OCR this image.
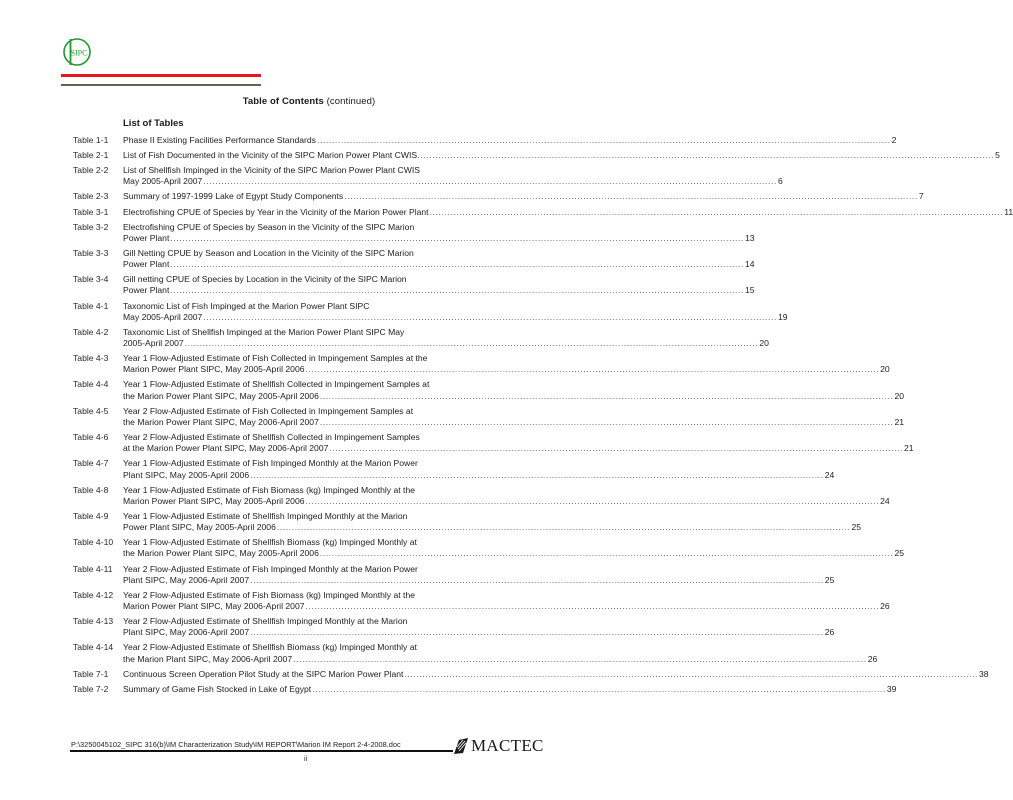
SIPC
Table of Contents (continued)
List of Tables
Table 1-1	Phase II Existing Facilities Performance Standards .....	2
Table 2-1	List of Fish Documented in the Vicinity of the SIPC Marion Power Plant CWIS. .....	5
Table 2-2	List of Shellfish Impinged in the Vicinity of the SIPC Marion Power Plant CWIS
May 2005-April 2007 .....	6
Table 2-3	Summary of 1997-1999 Lake of Egypt Study Components .....	7
Table 3-1	Electrofishing CPUE of Species by Year in the Vicinity of the Marion Power Plant .....	11
Table 3-2	Electrofishing CPUE of Species by Season in the Vicinity of the SIPC Marion
Power Plant .....	13
Table 3-3	Gill Netting CPUE by Season and Location in the Vicinity of the SIPC Marion
Power Plant .....	14
Table 3-4	Gill netting CPUE of Species by Location in the Vicinity of the SIPC Marion
Power Plant .....	15
Table 4-1	Taxonomic List of Fish Impinged at the Marion Power Plant SIPC
May 2005-April 2007 .....	19
Table 4-2	Taxonomic List of Shellfish Impinged at the Marion Power Plant SIPC May
2005-April 2007 .....	20
Table 4-3	Year 1 Flow-Adjusted Estimate of Fish Collected in Impingement Samples at the
Marion Power Plant SIPC, May 2005-April 2006 .....	20
Table 4-4	Year 1 Flow-Adjusted Estimate of Shellfish Collected in Impingement Samples at
the Marion Power Plant SIPC, May 2005-April 2006 .....	20
Table 4-5	Year 2 Flow-Adjusted Estimate of Fish Collected in Impingement Samples at
the Marion Power Plant SIPC, May 2006-April 2007 .....	21
Table 4-6	Year 2 Flow-Adjusted Estimate of Shellfish Collected in Impingement Samples
at the Marion Power Plant SIPC, May 2006-April 2007 .....	21
Table 4-7	Year 1 Flow-Adjusted Estimate of Fish Impinged Monthly at the Marion Power
Plant SIPC, May 2005-April 2006 .....	24
Table 4-8	Year 1 Flow-Adjusted Estimate of Fish Biomass (kg) Impinged Monthly at the
Marion Power Plant SIPC, May 2005-April 2006 .....	24
Table 4-9	Year 1 Flow-Adjusted Estimate of Shellfish Impinged Monthly at the Marion
Power Plant SIPC, May 2005-April 2006 .....	25
Table 4-10	Year 1 Flow-Adjusted Estimate of Shellfish Biomass (kg) Impinged Monthly at
the Marion Power Plant SIPC, May 2005-April 2006 .....	25
Table 4-11	Year 2 Flow-Adjusted Estimate of Fish Impinged Monthly at the Marion Power
Plant SIPC, May 2006-April 2007 .....	25
Table 4-12	Year 2 Flow-Adjusted Estimate of Fish Biomass (kg) Impinged Monthly at the
Marion Power Plant SIPC, May 2006-April 2007 .....	26
Table 4-13	Year 2 Flow-Adjusted Estimate of Shellfish Impinged Monthly at the Marion
Plant SIPC, May 2006-April 2007 .....	26
Table 4-14	Year 2 Flow-Adjusted Estimate of Shellfish Biomass (kg) Impinged Monthly at
the Marion Plant SIPC, May 2006-April 2007 .....	26
Table 7-1	Continuous Screen Operation Pilot Study at the SIPC Marion Power Plant .....	38
Table 7-2	Summary of Game Fish Stocked in Lake of Egypt .....	39
P:\3250045102_SIPC 316(b)\IM Characterization Study\IM REPORT\Marion IM Report 2-4-2008.doc
ii
MACTEC
